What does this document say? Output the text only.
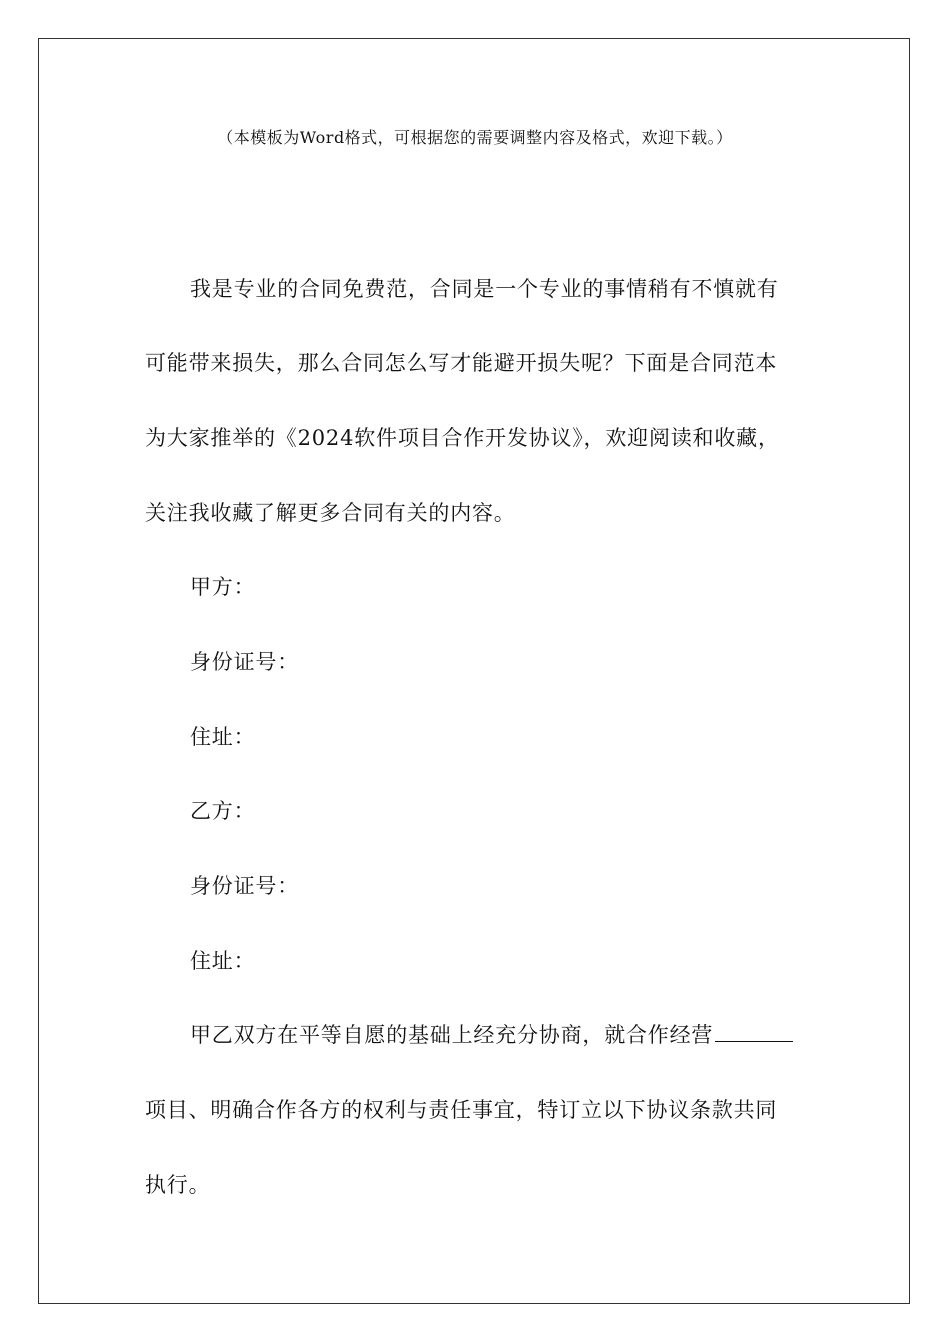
（本模板为Word格式，可根据您的需要调整内容及格式，欢迎下载。）
我是专业的合同免费范，合同是一个专业的事情稍有不慎就有
可能带来损失，那么合同怎么写才能避开损失呢？下面是合同范本
为大家推举的《2024软件项目合作开发协议》，欢迎阅读和收藏，
关注我收藏了解更多合同有关的内容。
甲方：
身份证号：
住址：
乙方：
身份证号：
住址：
甲乙双方在平等自愿的基础上经充分协商，就合作经营
项目、明确合作各方的权利与责任事宜，特订立以下协议条款共同
执行。
